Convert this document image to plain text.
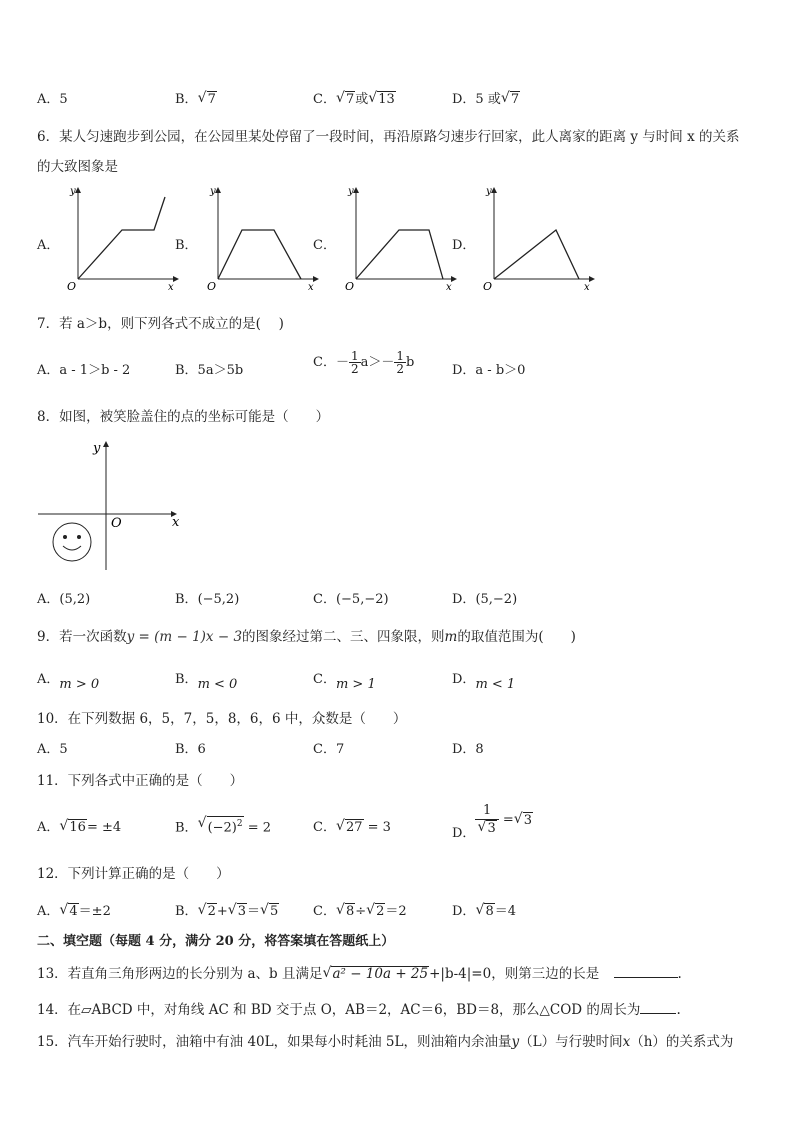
A．5	B． √ 7	C． √ 7或 √ 13	D．5 或 √ 7
6．某人匀速跑步到公园，在公园里某处停留了一段时间，再沿原路匀速步行回家，此人离家的距离 y 与时间 x 的关系
的大致图象是
A．	B．	C．	D．
O	x
y
O	x
y
O	x
y
O	x
y
7．若 a＞b，则下列各式不成立的是(　 )
A．a - 1＞b - 2	B．5a＞5b
C．－ $\frac{1}{2} a>- \frac{1}{2}$ b
D．a - b＞0
8．如图，被笑脸盖住的点的坐标可能是（　　）
y
x
O
A．(5,2)	B．(−5,2)	C．(−5,−2)	D．(5,−2)
9．若一次函数y = (m − 1)x − 3的图象经过第二、三、四象限，则m的取值范围为(　　)
A．m > 0	B．m < 0	C．m > 1	D．m < 1
10．在下列数据 6，5，7，5，8，6，6 中，众数是（　　）
A．5	B．6	C．7	D．8
11．下列各式中正确的是（　　）
A． √ 16= ±4	B． √ $(-2)^2 = 2$	C． √ 27 = 3	D． $\frac{1}{√ 3}$ = √ 3
12．下列计算正确的是（　　）
A． √ 4＝±2	B． √ 2+ √ 3＝ √ 5	C． √ 8÷ √ 2＝2	D． √ 8＝4
二、填空题（每题 4 分，满分 20 分，将答案填在答题纸上）
13．若直角三角形两边的长分别为 a、b 且满足 √ a² − 10a + 25+|b-4|=0，则第三边的长是	.
14．在▱ABCD 中，对角线 AC 和 BD 交于点 O，AB＝2，AC＝6，BD＝8，那么△COD 的周长为	.
15．汽车开始行驶时，油箱中有油 40L，如果每小时耗油 5L，则油箱内余油量y（L）与行驶时间x（h）的关系式为
